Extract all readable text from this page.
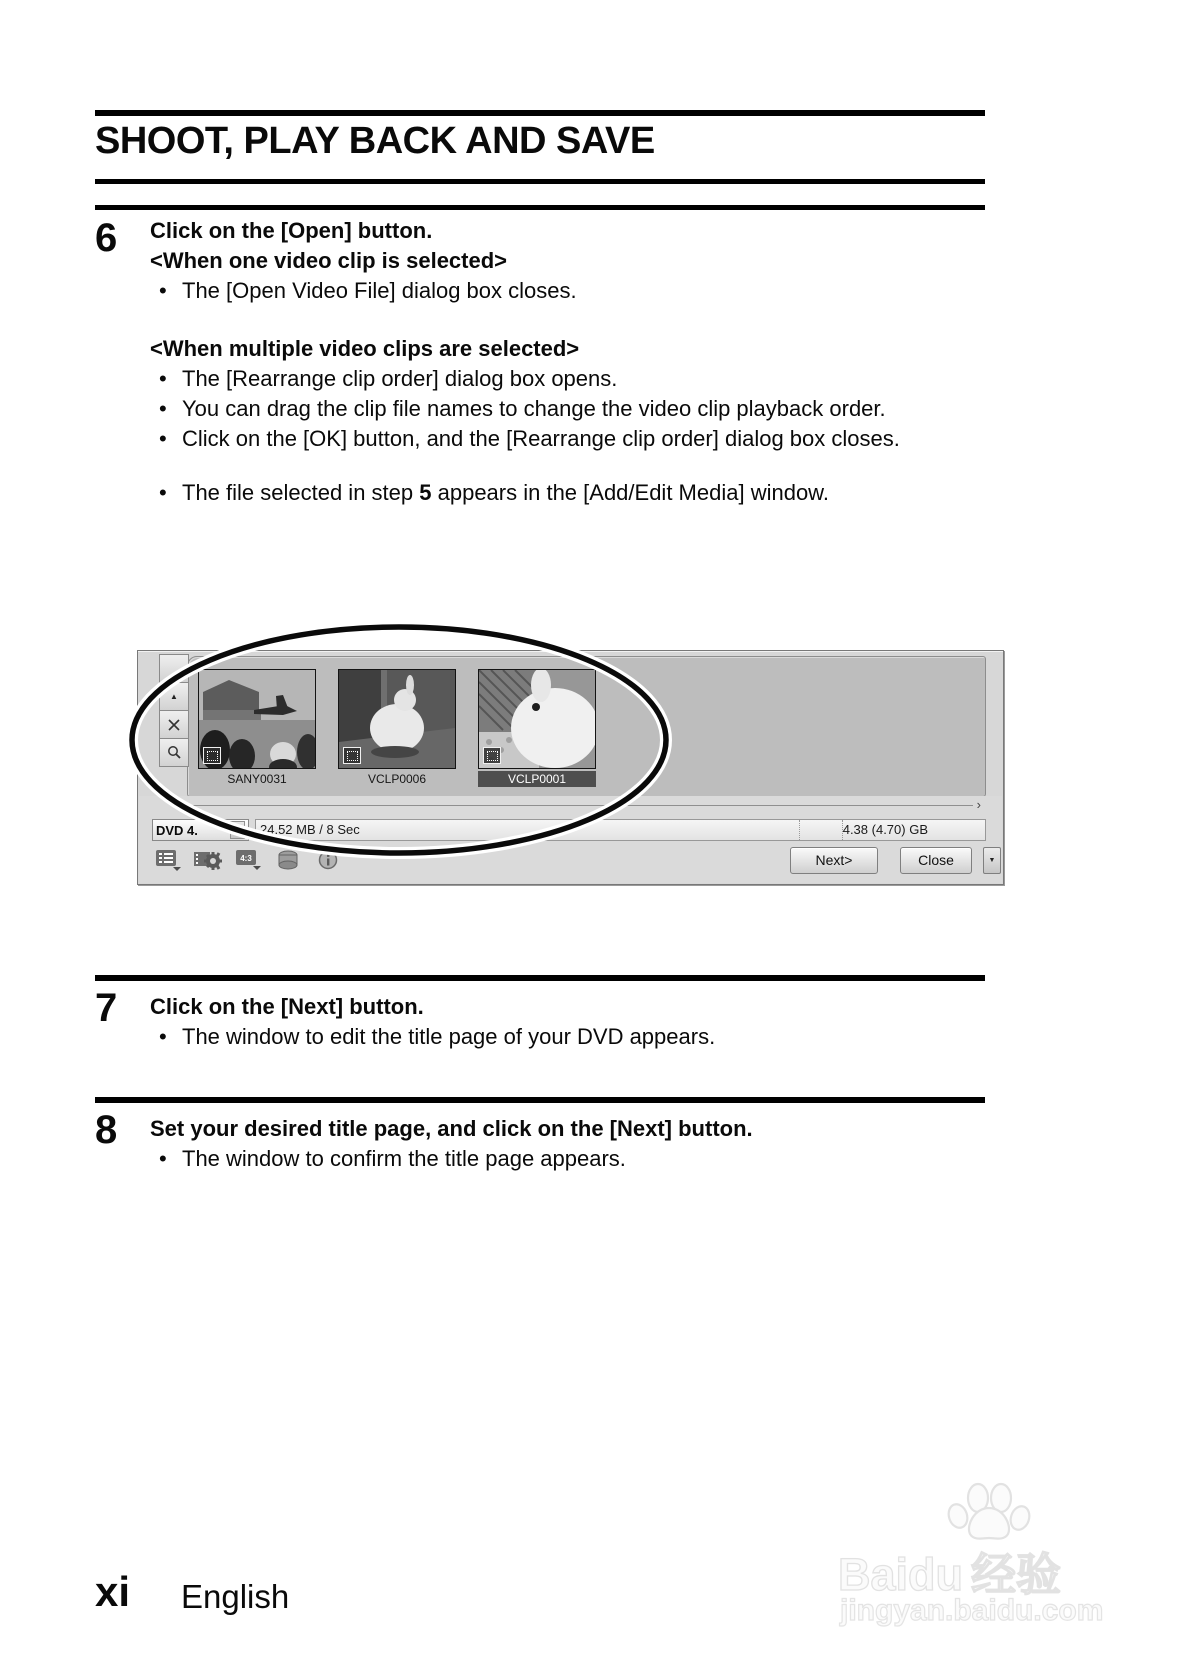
SHOOT, PLAY BACK AND SAVE
6 Click on the [Open] button.
<When one video clip is selected>
• The [Open Video File] dialog box closes.
<When multiple video clips are selected>
• The [Rearrange clip order] dialog box opens.
• You can drag the clip file names to change the video clip playback order.
• Click on the [OK] button, and the [Rearrange clip order] dialog box closes.
• The file selected in step 5 appears in the [Add/Edit Media] window.
▲
SANY0031	VCLP0006	VCLP0001
‹	›
DVD 4.	▼	24.52 MB / 8 Sec	4.38 (4.70) GB
4:3	Next>	Close	▼
7 Click on the [Next] button.
• The window to edit the title page of your DVD appears.
8 Set your desired title page, and click on the [Next] button.
• The window to confirm the title page appears.
xi English	Baidu 经验
jingyan.baidu.com
